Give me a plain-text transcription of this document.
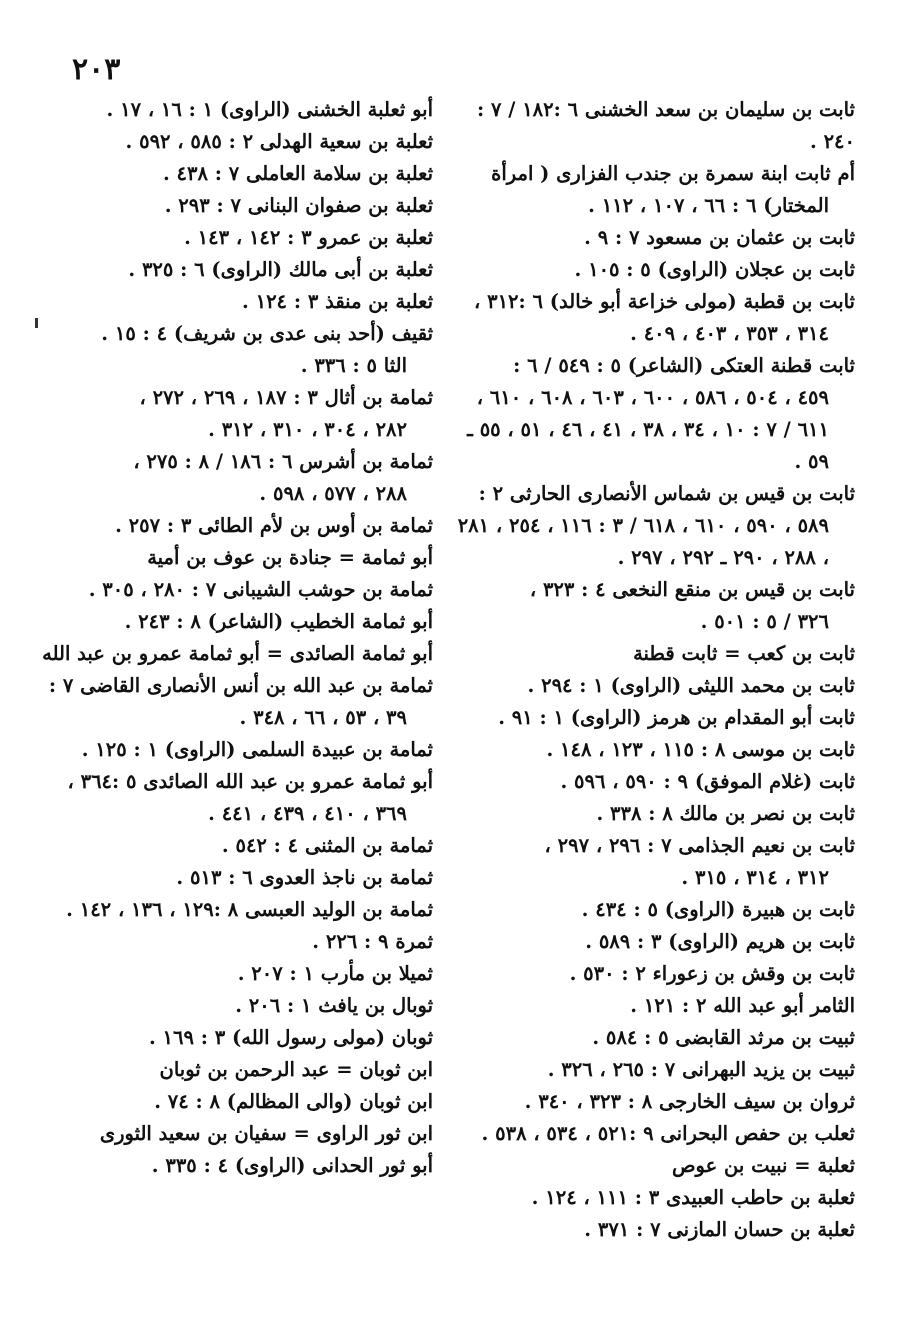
٢٠٣
ثابت بن سليمان بن سعد الخشنى ٦ :١٨٢ / ٧ : ٢٤٠ .
أم ثابت ابنة سمرة بن جندب الفزارى ( امرأة
المختار) ٦ : ٦٦ ، ١٠٧ ، ١١٢ .
ثابت بن عثمان بن مسعود ٧ : ٩ .
ثابت بن عجلان (الراوى) ٥ : ١٠٥ .
ثابت بن قطبة (مولى خزاعة أبو خالد) ٦ :٣١٢ ،
٣١٤ ، ٣٥٣ ، ٤٠٣ ، ٤٠٩ .
ثابت قطنة العتكى (الشاعر) ٥ : ٥٤٩ / ٦ :
٤٥٩ ، ٥٠٤ ، ٥٨٦ ، ٦٠٠ ، ٦٠٣ ، ٦٠٨ ، ٦١٠ ، ٦١١ / ٧ : ١٠ ، ٣٤ ، ٣٨ ، ٤١ ، ٤٦ ، ٥١ ، ٥٥ ـ ٥٩ .
ثابت بن قيس بن شماس الأنصارى الحارثى ٢ :
٥٨٩ ، ٥٩٠ ، ٦١٠ ، ٦١٨ / ٣ : ١١٦ ، ٢٥٤ ، ٢٨١ ، ٢٨٨ ، ٢٩٠ ـ ٢٩٢ ، ٢٩٧ .
ثابت بن قيس بن منقع النخعى ٤ : ٣٢٣ ،
٣٢٦ / ٥ : ٥٠١ .
ثابت بن كعب = ثابت قطنة
ثابت بن محمد الليثى (الراوى) ١ : ٢٩٤ .
ثابت أبو المقدام بن هرمز (الراوى) ١ : ٩١ .
ثابت بن موسى ٨ : ١١٥ ، ١٢٣ ، ١٤٨ .
ثابت (غلام الموفق) ٩ : ٥٩٠ ، ٥٩٦ .
ثابت بن نصر بن مالك ٨ : ٣٣٨ .
ثابت بن نعيم الجذامى ٧ : ٢٩٦ ، ٢٩٧ ،
٣١٢ ، ٣١٤ ، ٣١٥ .
ثابت بن هبيرة (الراوى) ٥ : ٤٣٤ .
ثابت بن هريم (الراوى) ٣ : ٥٨٩ .
ثابت بن وقش بن زعوراء ٢ : ٥٣٠ .
الثامر أبو عبد الله ٢ : ١٢١ .
ثبيت بن مرثد القابضى ٥ : ٥٨٤ .
ثبيت بن يزيد البهرانى ٧ : ٢٦٥ ، ٣٢٦ .
ثروان بن سيف الخارجى ٨ : ٣٢٣ ، ٣٤٠ .
ثعلب بن حفص البحرانى ٩ :٥٢١ ، ٥٣٤ ، ٥٣٨ .
ثعلبة = نبيت بن عوص
ثعلبة بن حاطب العبيدى ٣ : ١١١ ، ١٢٤ .
ثعلبة بن حسان المازنى ٧ : ٣٧١ .
أبو ثعلبة الخشنى (الراوى) ١ : ١٦ ، ١٧ .
ثعلبة بن سعية الهدلى ٢ : ٥٨٥ ، ٥٩٢ .
ثعلبة بن سلامة العاملى ٧ : ٤٣٨ .
ثعلبة بن صفوان البنانى ٧ : ٢٩٣ .
ثعلبة بن عمرو ٣ : ١٤٢ ، ١٤٣ .
ثعلبة بن أبى مالك (الراوى) ٦ : ٣٢٥ .
ثعلبة بن منقذ ٣ : ١٢٤ .
ثقيف (أحد بنى عدى بن شريف) ٤ : ١٥ .
الثا ٥ : ٣٣٦ .
ثمامة بن أثال ٣ : ١٨٧ ، ٢٦٩ ، ٢٧٢ ،
٢٨٢ ، ٣٠٤ ، ٣١٠ ، ٣١٢ .
ثمامة بن أشرس ٦ : ١٨٦ / ٨ : ٢٧٥ ،
٢٨٨ ، ٥٧٧ ، ٥٩٨ .
ثمامة بن أوس بن لأم الطائى ٣ : ٢٥٧ .
أبو ثمامة = جنادة بن عوف بن أمية
ثمامة بن حوشب الشيبانى ٧ : ٢٨٠ ، ٣٠٥ .
أبو ثمامة الخطيب (الشاعر) ٨ : ٢٤٣ .
أبو ثمامة الصائدى = أبو ثمامة عمرو بن عبد الله
ثمامة بن عبد الله بن أنس الأنصارى القاضى ٧ :
٣٩ ، ٥٣ ، ٦٦ ، ٣٤٨ .
ثمامة بن عبيدة السلمى (الراوى) ١ : ١٢٥ .
أبو ثمامة عمرو بن عبد الله الصائدى ٥ :٣٦٤ ،
٣٦٩ ، ٤١٠ ، ٤٣٩ ، ٤٤١ .
ثمامة بن المثنى ٤ : ٥٤٢ .
ثمامة بن ناجذ العدوى ٦ : ٥١٣ .
ثمامة بن الوليد العبسى ٨ :١٢٩ ، ١٣٦ ، ١٤٢ .
ثمرة ٩ : ٢٢٦ .
ثميلا بن مأرب ١ : ٢٠٧ .
ثوبال بن يافث ١ : ٢٠٦ .
ثوبان (مولى رسول الله) ٣ : ١٦٩ .
ابن ثوبان = عبد الرحمن بن ثوبان
ابن ثوبان (والى المظالم) ٨ : ٧٤ .
ابن ثور الراوى = سفيان بن سعيد الثورى
أبو ثور الحدانى (الراوى) ٤ : ٣٣٥ .
